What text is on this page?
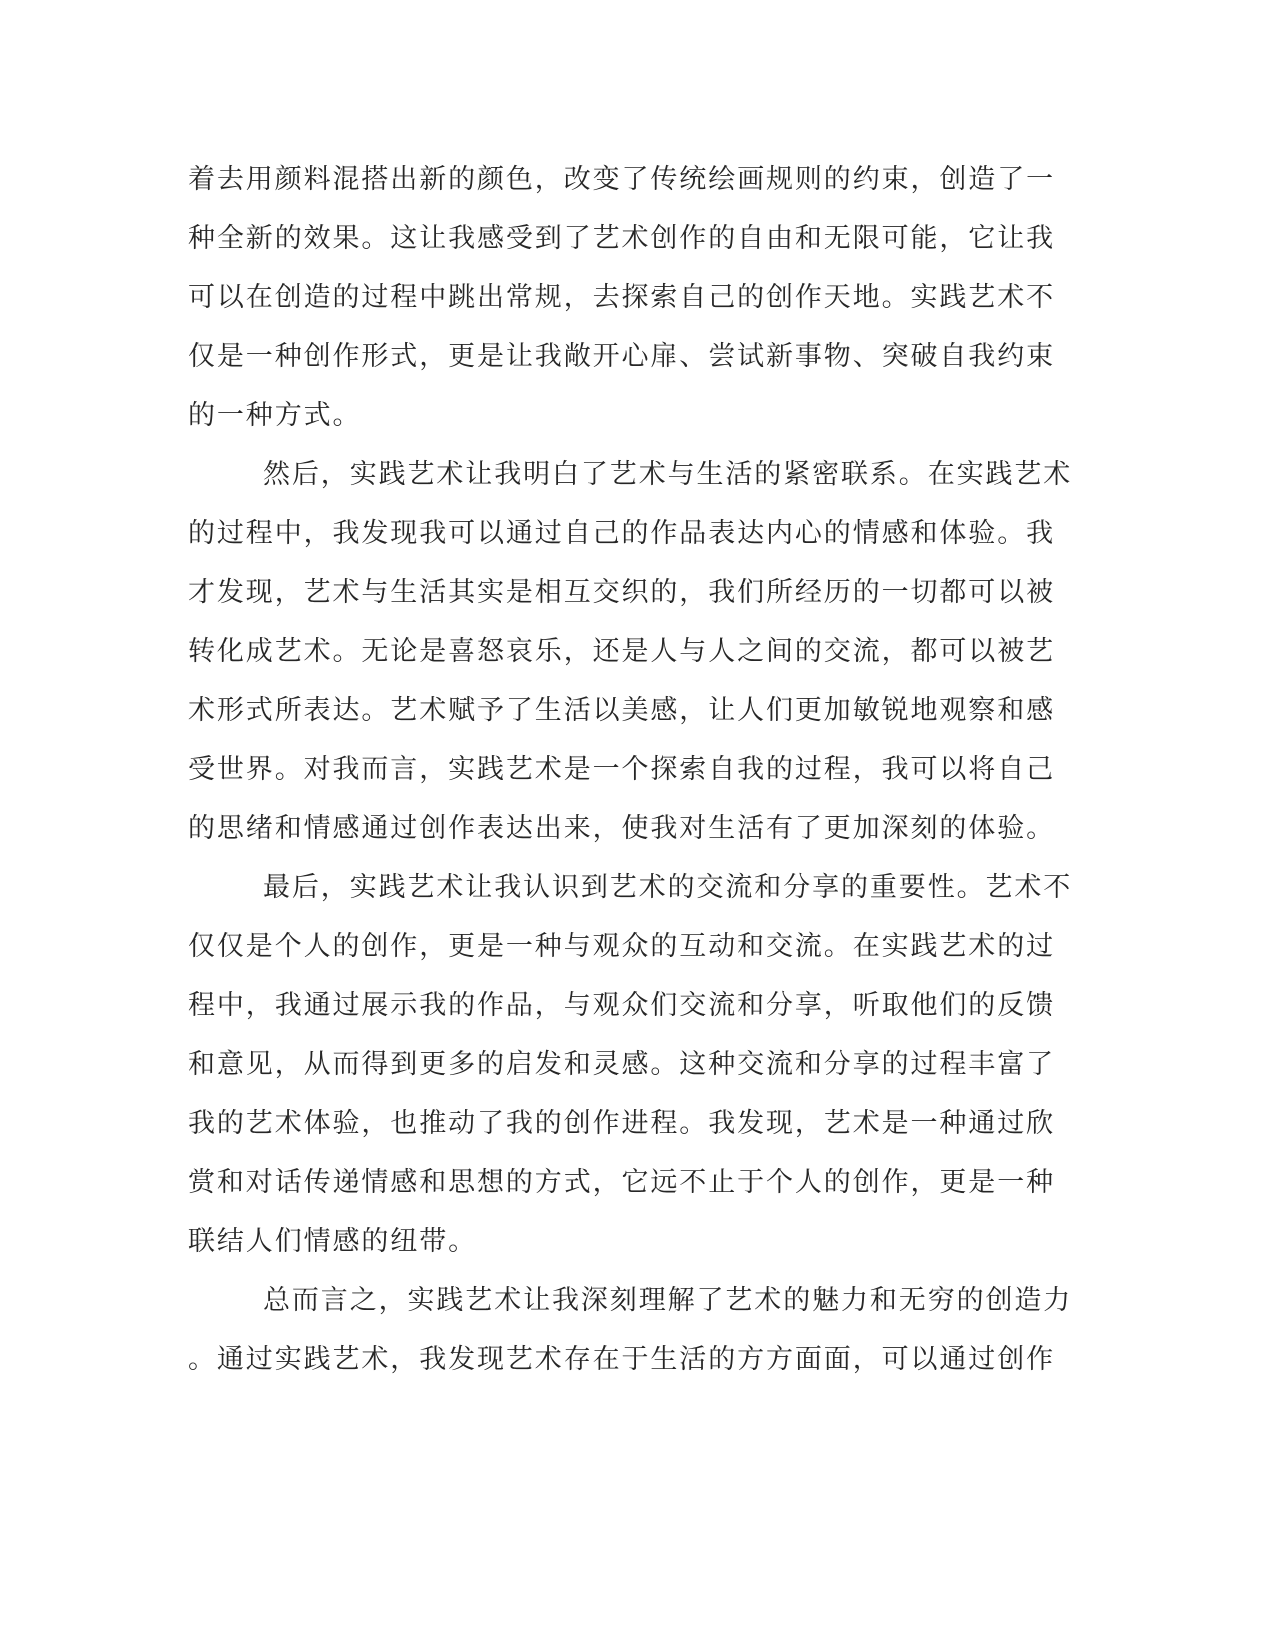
着去用颜料混搭出新的颜色，改变了传统绘画规则的约束，创造了一
种全新的效果。这让我感受到了艺术创作的自由和无限可能，它让我
可以在创造的过程中跳出常规，去探索自己的创作天地。实践艺术不
仅是一种创作形式，更是让我敞开心扉、尝试新事物、突破自我约束
的一种方式。
然后，实践艺术让我明白了艺术与生活的紧密联系。在实践艺术
的过程中，我发现我可以通过自己的作品表达内心的情感和体验。我
才发现，艺术与生活其实是相互交织的，我们所经历的一切都可以被
转化成艺术。无论是喜怒哀乐，还是人与人之间的交流，都可以被艺
术形式所表达。艺术赋予了生活以美感，让人们更加敏锐地观察和感
受世界。对我而言，实践艺术是一个探索自我的过程，我可以将自己
的思绪和情感通过创作表达出来，使我对生活有了更加深刻的体验。
最后，实践艺术让我认识到艺术的交流和分享的重要性。艺术不
仅仅是个人的创作，更是一种与观众的互动和交流。在实践艺术的过
程中，我通过展示我的作品，与观众们交流和分享，听取他们的反馈
和意见，从而得到更多的启发和灵感。这种交流和分享的过程丰富了
我的艺术体验，也推动了我的创作进程。我发现，艺术是一种通过欣
赏和对话传递情感和思想的方式，它远不止于个人的创作，更是一种
联结人们情感的纽带。
总而言之，实践艺术让我深刻理解了艺术的魅力和无穷的创造力
。通过实践艺术，我发现艺术存在于生活的方方面面，可以通过创作
